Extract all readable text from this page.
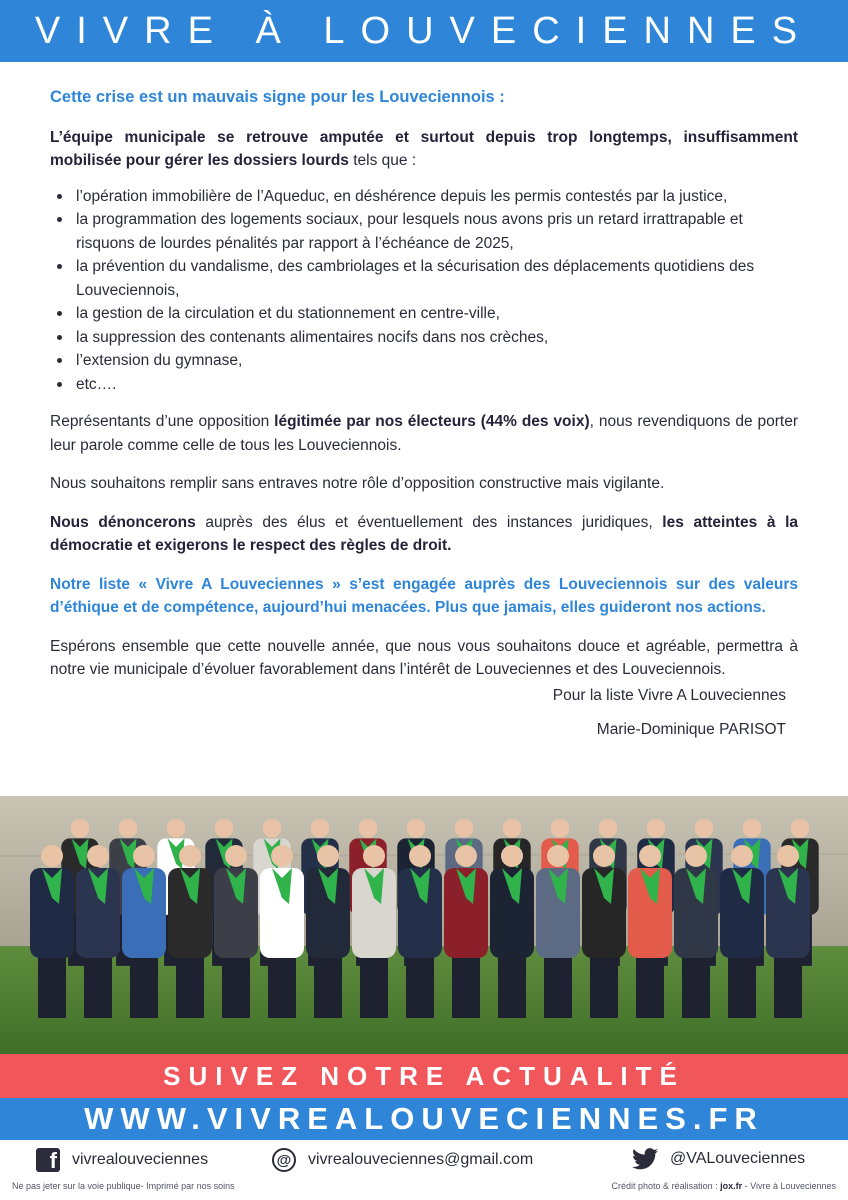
VIVRE À LOUVECIENNES

Cette crise est un mauvais signe pour les Louveciennois :

L’équipe municipale se retrouve amputée et surtout depuis trop longtemps, insuffisamment mobilisée pour gérer les dossiers lourds tels que :

l’opération immobilière de l’Aqueduc, en déshérence depuis les permis contestés par la justice,
la programmation des logements sociaux, pour lesquels nous avons pris un retard irrattrapable et risquons de lourdes pénalités par rapport à l’échéance de 2025,
la prévention du vandalisme, des cambriolages et la sécurisation des déplacements quotidiens des Louveciennois,
la gestion de la circulation et du stationnement en centre-ville,
la suppression des contenants alimentaires nocifs dans nos crèches,
l’extension du gymnase,
etc….

Représentants d’une opposition légitimée par nos électeurs (44% des voix), nous revendiquons de porter leur parole comme celle de tous les Louveciennois.

Nous souhaitons remplir sans entraves notre rôle d’opposition constructive mais vigilante.

Nous dénoncerons auprès des élus et éventuellement des instances juridiques, les atteintes à la démocratie et exigerons le respect des règles de droit.

Notre liste « Vivre A Louveciennes » s’est engagée auprès des Louveciennois sur des valeurs d’éthique et de compétence, aujourd’hui menacées. Plus que jamais, elles guideront nos actions.

Espérons ensemble que cette nouvelle année, que nous vous souhaitons douce et agréable, permettra à notre vie municipale d’évoluer favorablement dans l’intérêt de Louveciennes et des Louveciennois.

Pour la liste Vivre A Louveciennes
Marie-Dominique PARISOT
SUIVEZ NOTRE ACTUALITÉ
WWW.VIVREALOUVECIENNES.FR
f
vivrealouveciennes	@ vivrealouveciennes@gmail.com	@VALouveciennes
Ne pas jeter sur la voie publique- Imprimé par nos soins	Crédit photo & réalisation : jox.fr - Vivre à Louveciennes
